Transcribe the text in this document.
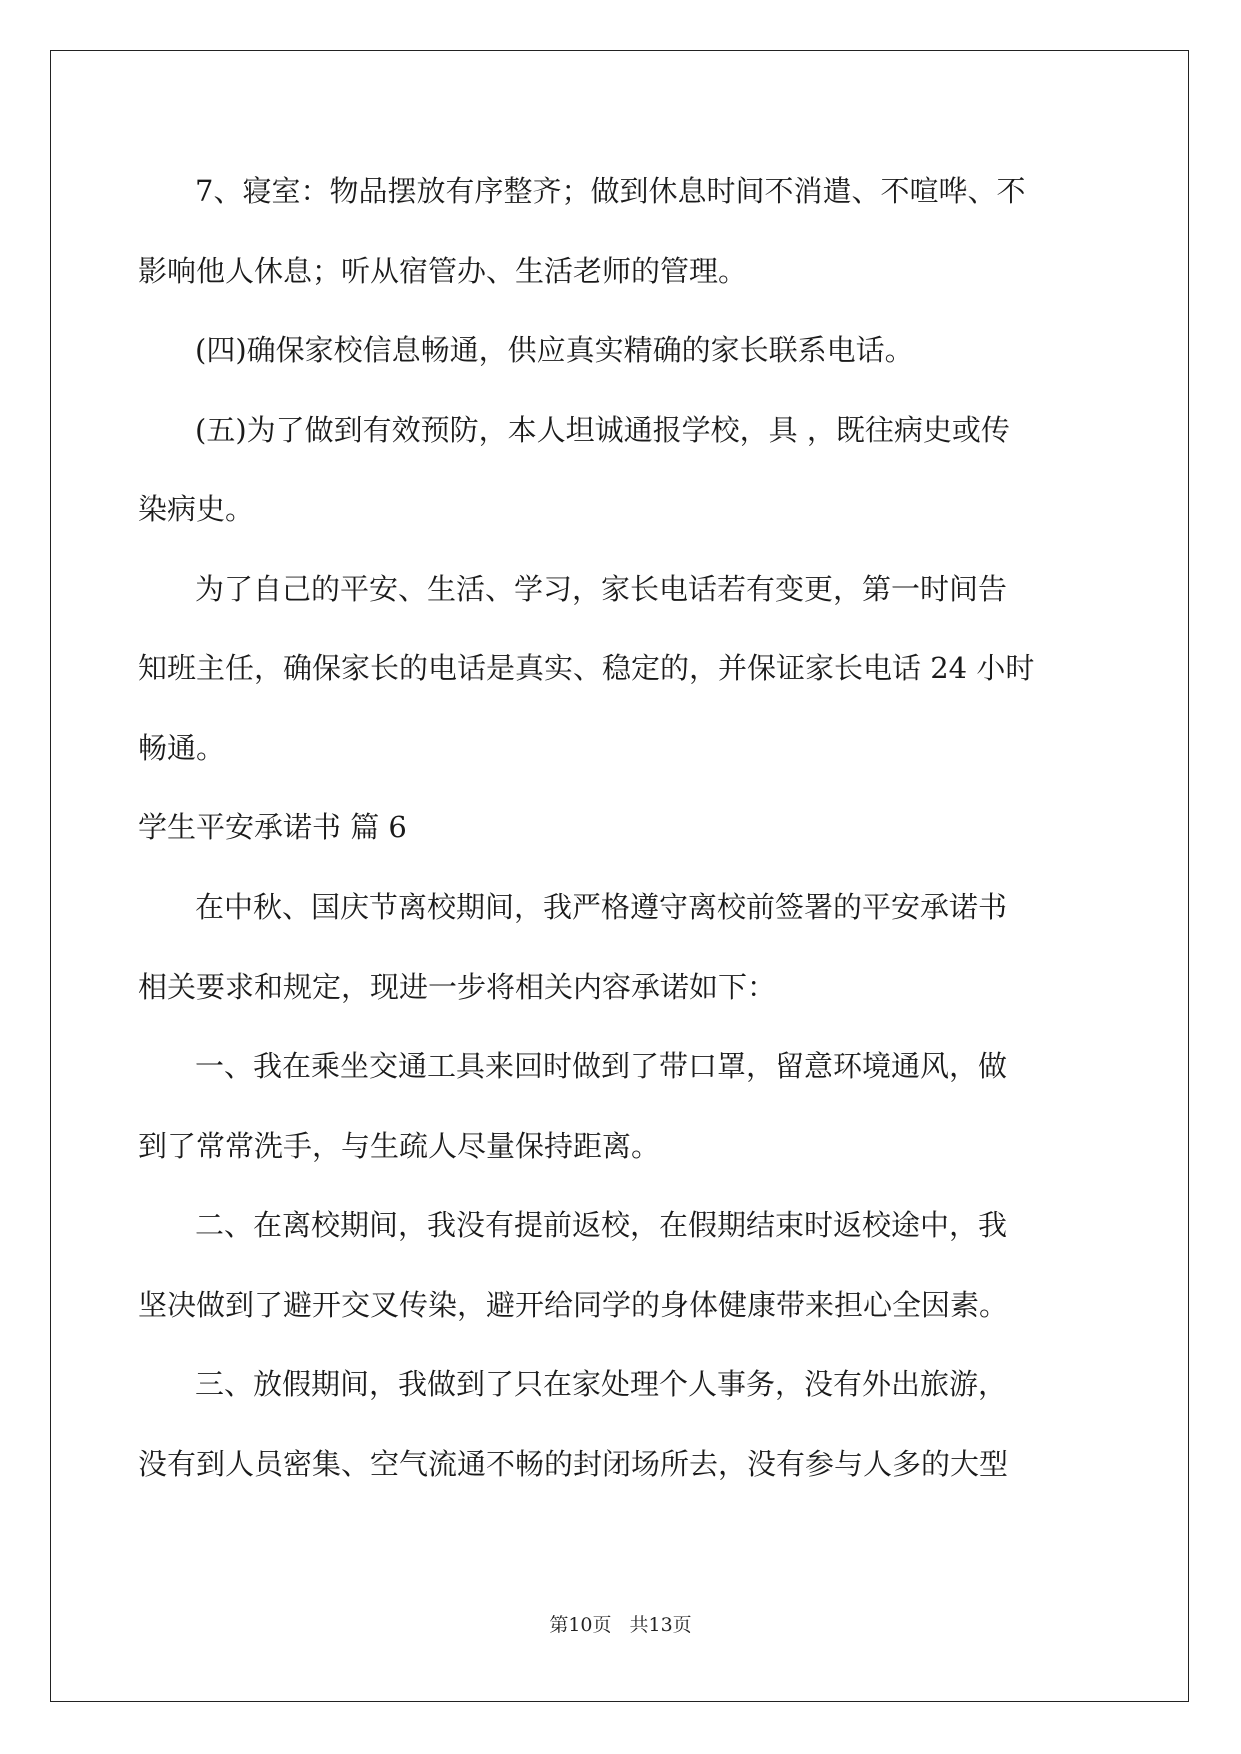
7、寝室：物品摆放有序整齐；做到休息时间不消遣、不喧哗、不
影响他人休息；听从宿管办、生活老师的管理。
(四)确保家校信息畅通，供应真实精确的家长联系电话。
(五)为了做到有效预防，本人坦诚通报学校，具 ，既往病史或传
染病史。
为了自己的平安、生活、学习，家长电话若有变更，第一时间告
知班主任，确保家长的电话是真实、稳定的，并保证家长电话 24 小时
畅通。
学生平安承诺书 篇 6
在中秋、国庆节离校期间，我严格遵守离校前签署的平安承诺书
相关要求和规定，现进一步将相关内容承诺如下：
一、我在乘坐交通工具来回时做到了带口罩，留意环境通风，做
到了常常洗手，与生疏人尽量保持距离。
二、在离校期间，我没有提前返校，在假期结束时返校途中，我
坚决做到了避开交叉传染，避开给同学的身体健康带来担心全因素。
三、放假期间，我做到了只在家处理个人事务，没有外出旅游，
没有到人员密集、空气流通不畅的封闭场所去，没有参与人多的大型
第10页 共13页
